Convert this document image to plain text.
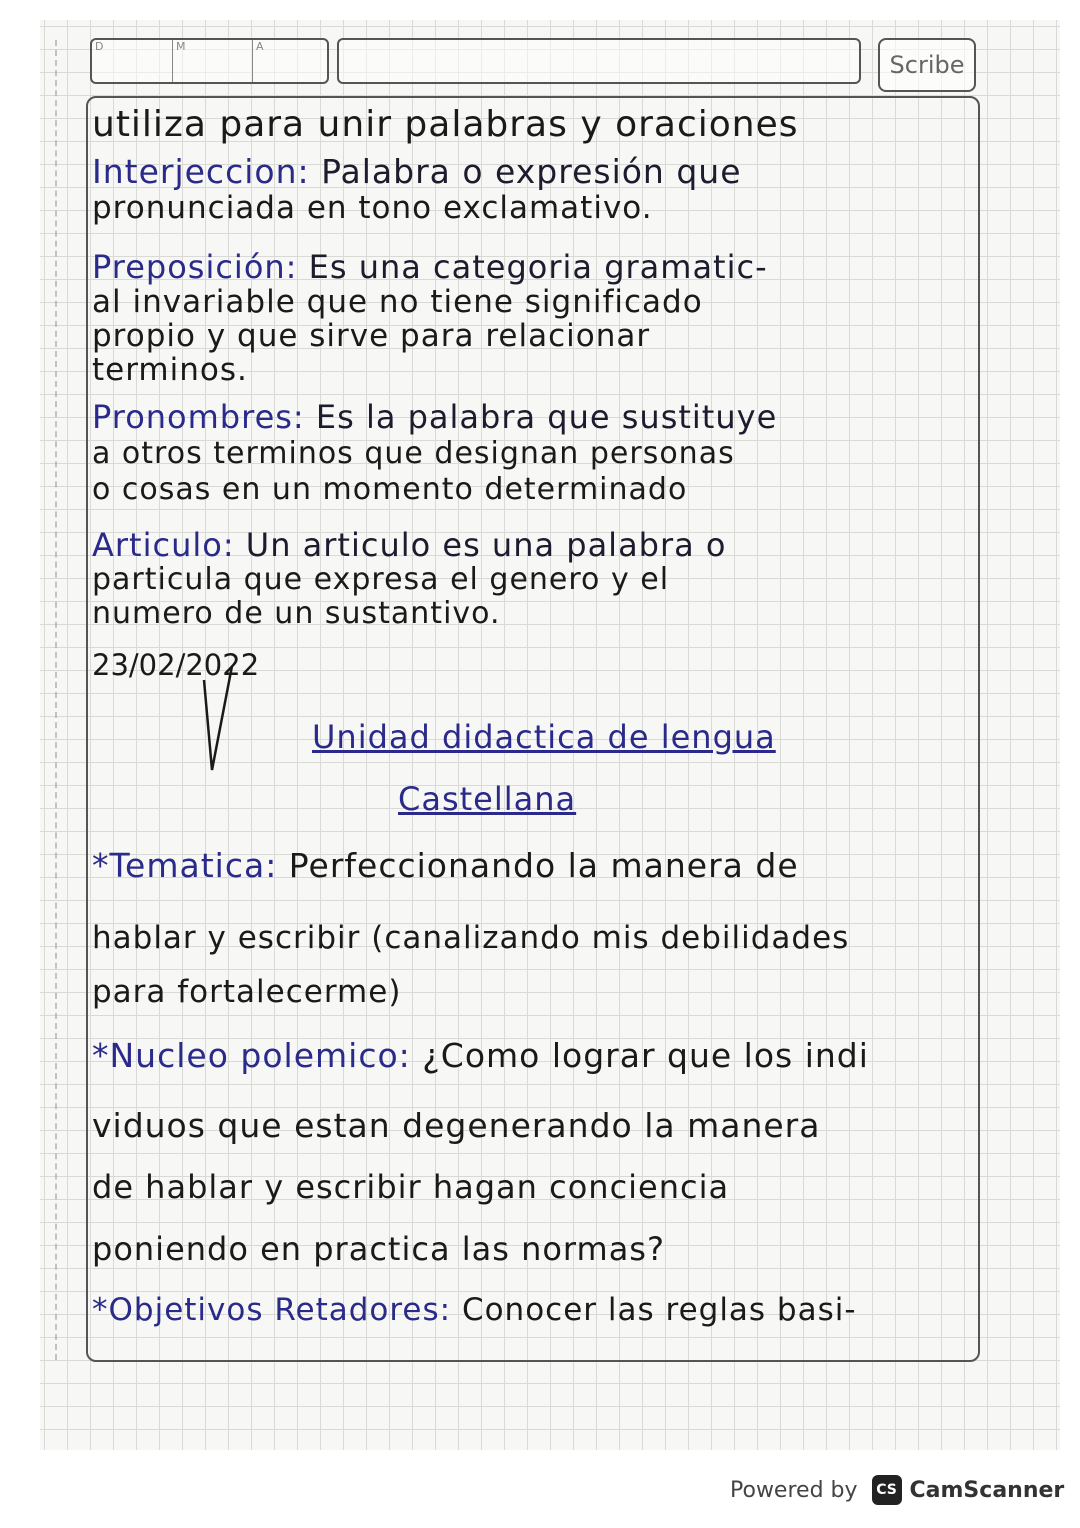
D	M	A
Scribe
utiliza para unir palabras y oraciones
Interjeccion: Palabra o expresión que
pronunciada en tono exclamativo.
Preposición: Es una categoria gramatic-
al invariable que no tiene significado
propio y que sirve para relacionar
terminos.
Pronombres: Es la palabra que sustituye
a otros terminos que designan personas
o cosas en un momento determinado
Articulo: Un articulo es una palabra o
particula que expresa el genero y el
numero de un sustantivo.
23/02/2022
Unidad didactica de lengua
Castellana
*Tematica: Perfeccionando la manera de
hablar y escribir (canalizando mis debilidades
para fortalecerme)
*Nucleo polemico: ¿Como lograr que los indi
viduos que estan degenerando la manera
de hablar y escribir hagan conciencia
poniendo en practica las normas?
*Objetivos Retadores: Conocer las reglas basi-
Powered by	CS CamScanner
